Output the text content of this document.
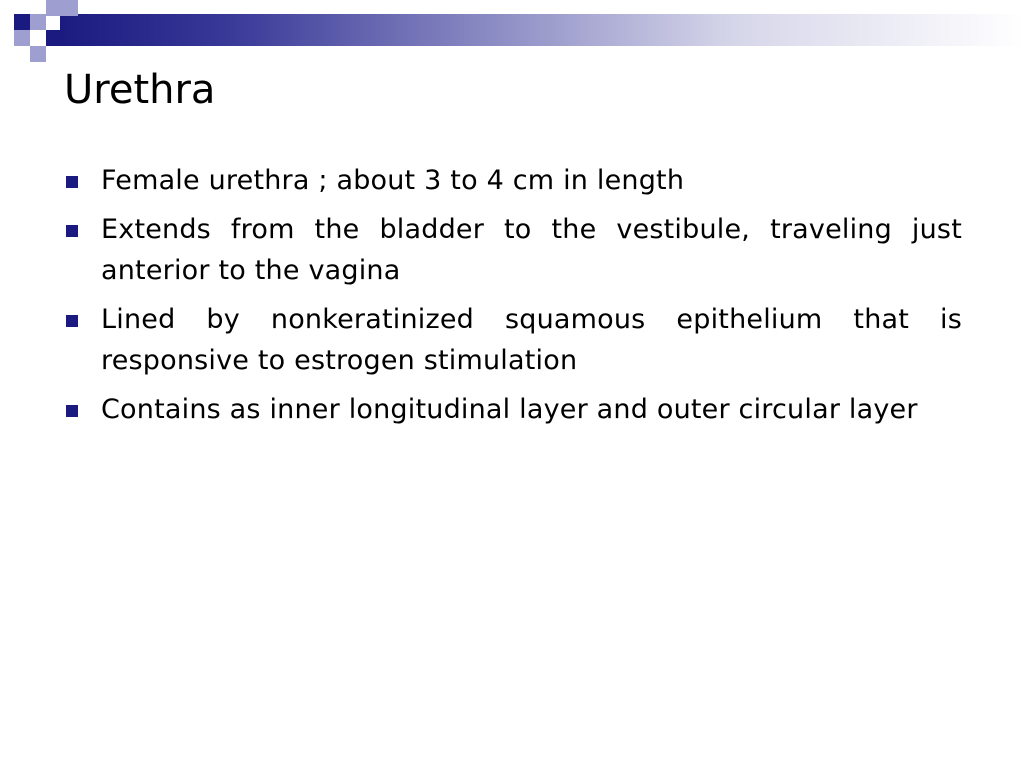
Urethra
Female urethra ; about 3 to 4 cm in length
Extends from the bladder to the vestibule, traveling just anterior to the vagina
Lined by nonkeratinized squamous epithelium that is responsive to estrogen stimulation
Contains as inner longitudinal layer and outer circular layer
